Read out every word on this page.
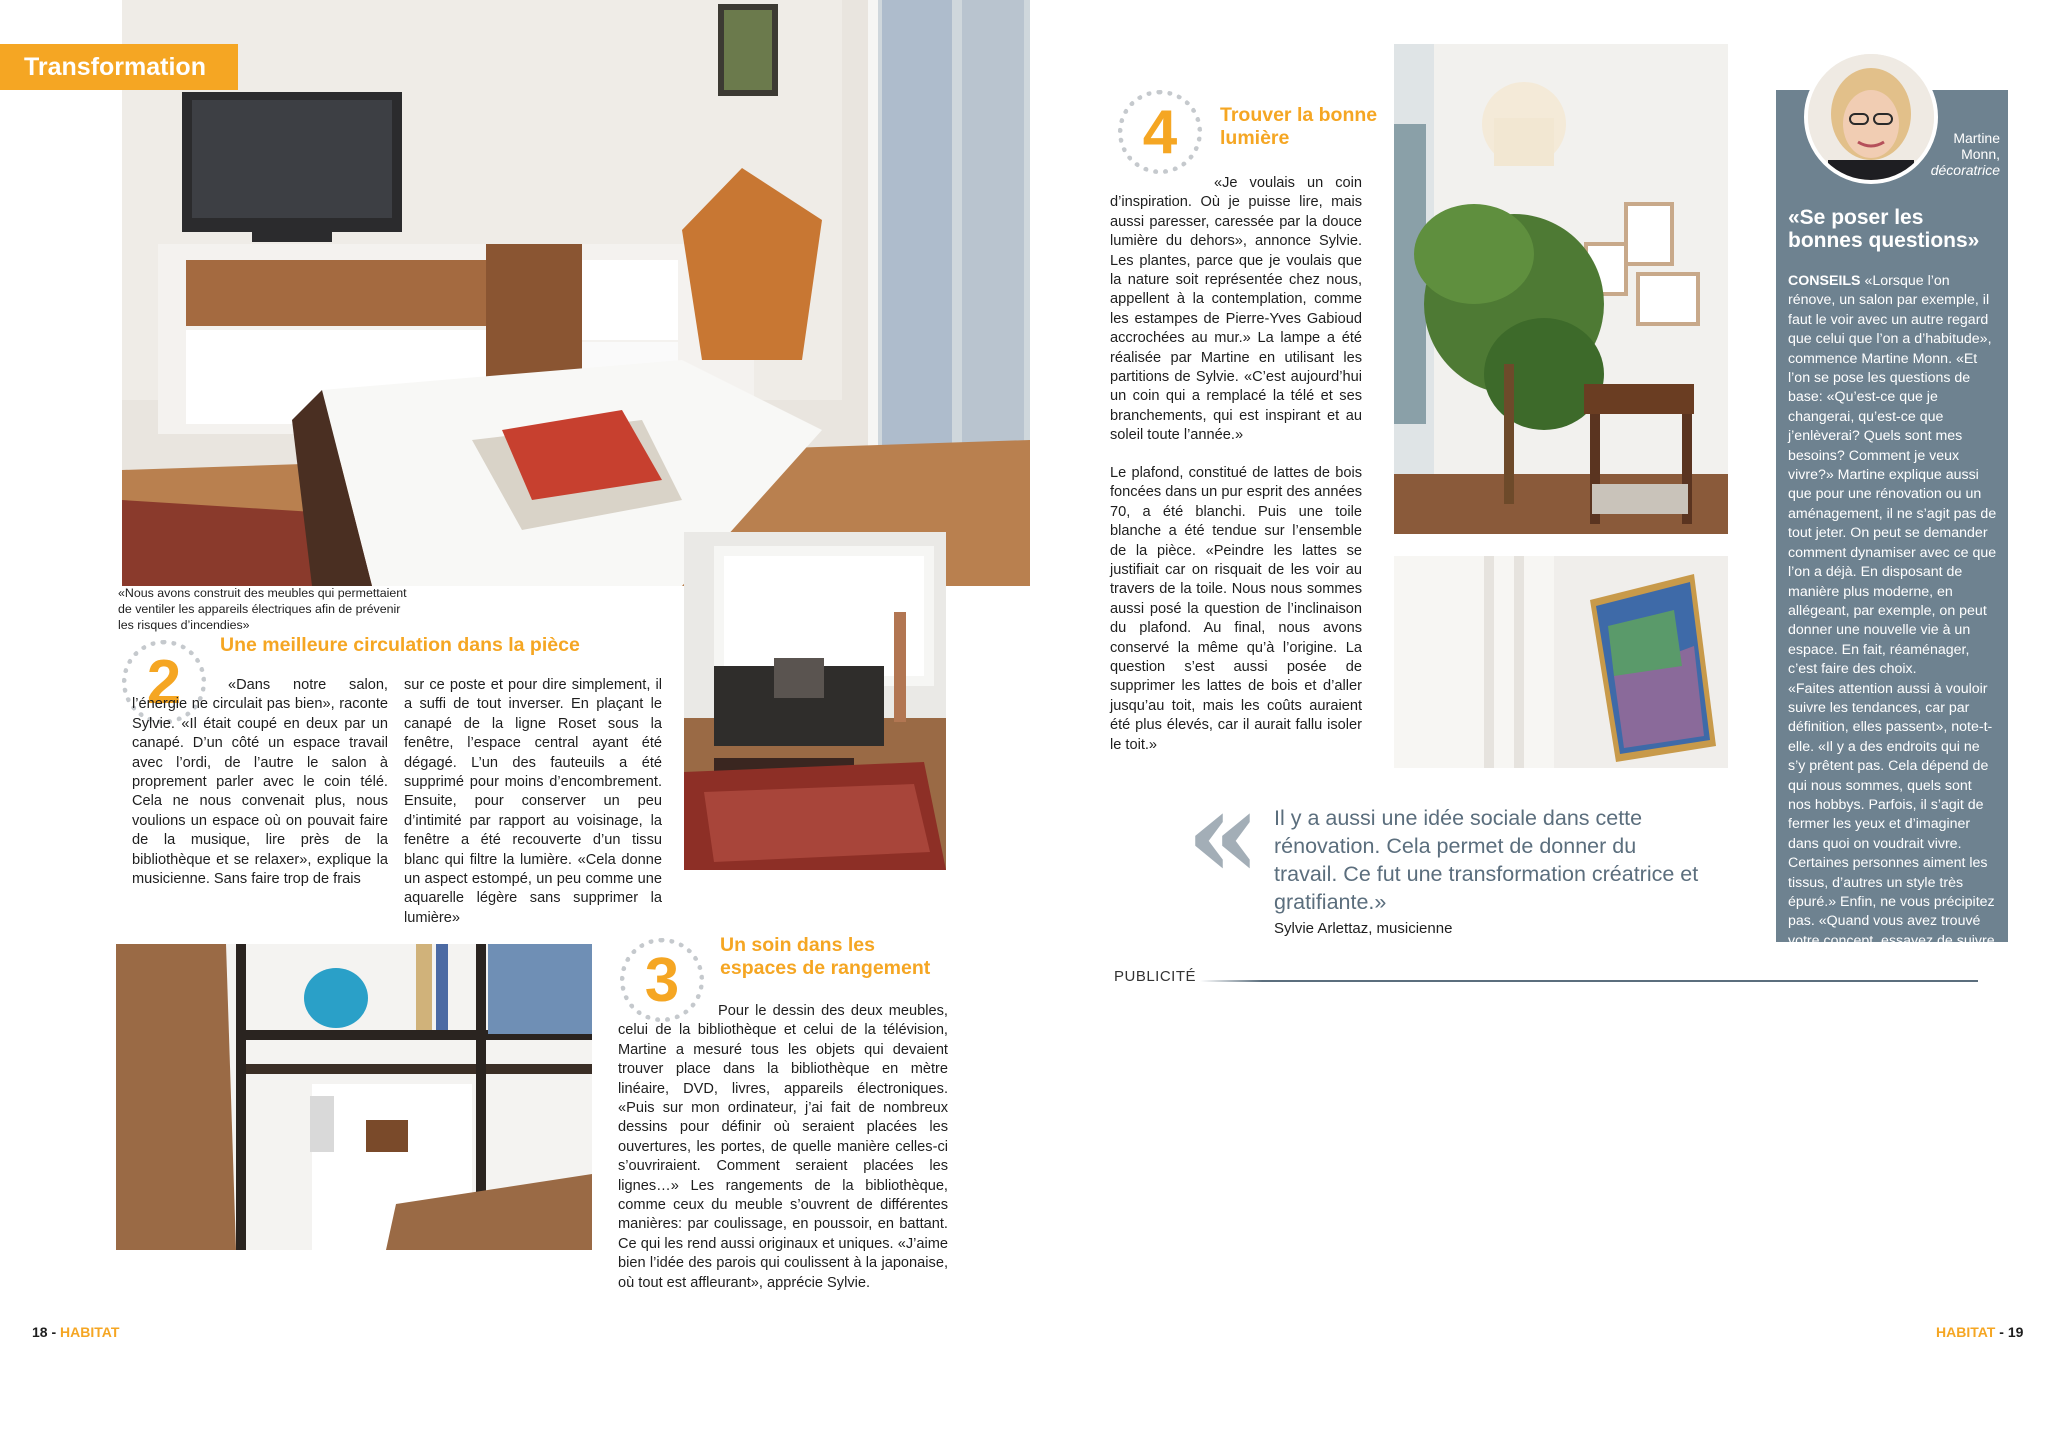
Transformation
«Nous avons construit des meubles qui permettaient de ventiler les appareils électriques afin de prévenir les risques d’incendies»
2
Une meilleure circulation dans la pièce
«Dans notre salon, l’énergie ne circulait pas bien», raconte Sylvie. «Il était coupé en deux par un canapé. D’un côté un espace travail avec l’ordi, de l’autre le salon à proprement parler avec le coin télé. Cela ne nous convenait plus, nous voulions un espace où on pouvait faire de la musique, lire près de la bibliothèque et se relaxer», explique la musicienne. Sans faire trop de frais
sur ce poste et pour dire simplement, il a suffi de tout inverser. En plaçant le canapé de la ligne Roset sous la fenêtre, l’espace central ayant été dégagé. L’un des fauteuils a été supprimé pour moins d’encombrement. Ensuite, pour conserver un peu d’intimité par rapport au voisinage, la fenêtre a été recouverte d’un tissu blanc qui filtre la lumière. «Cela donne un aspect estompé, un peu comme une aquarelle légère sans supprimer la lumière»
3
Un soin dans les espaces de rangement
Pour le dessin des deux meubles, celui de la bibliothèque et celui de la télévision, Martine a mesuré tous les objets qui devaient trouver place dans la bibliothèque en mètre linéaire, DVD, livres, appareils électroniques. «Puis sur mon ordinateur, j’ai fait de nombreux dessins pour définir où seraient placées les ouvertures, les portes, de quelle manière celles-ci s’ouvriraient. Comment seraient placées les lignes…» Les rangements de la bibliothèque, comme ceux du meuble s’ouvrent de différentes manières: par coulissage, en poussoir, en battant. Ce qui les rend aussi originaux et uniques. «J’aime bien l’idée des parois qui coulissent à la japonaise, où tout est affleurant», apprécie Sylvie.
18 - HABITAT
4	Trouver la bonne lumière
«Je voulais un coin d’inspiration. Où je puisse lire, mais aussi paresser, caressée par la douce lumière du dehors», annonce Sylvie. Les plantes, parce que je voulais que la nature soit représentée chez nous, appellent à la contemplation, comme les estampes de Pierre-Yves Gabioud accrochées au mur.» La lampe a été réalisée par Martine en utilisant les partitions de Sylvie. «C’est aujourd’hui un coin qui a remplacé la télé et ses branchements, qui est inspirant et au soleil toute l’année.»
Le plafond, constitué de lattes de bois foncées dans un pur esprit des années 70, a été blanchi. Puis une toile blanche a été tendue sur l’ensemble de la pièce. «Peindre les lattes se justifiait car on risquait de les voir au travers de la toile. Nous nous sommes aussi posé la question de l’inclinaison du plafond. Au final, nous avons conservé la même qu’à l’origine. La question s’est aussi posée de supprimer les lattes de bois et d’aller jusqu’au toit, mais les coûts auraient été plus élevés, car il aurait fallu isoler le toit.»
« Il y a aussi une idée sociale dans cette rénovation. Cela permet de donner du travail. Ce fut une transformation créatrice et gratifiante.»
Sylvie Arlettaz, musicienne
PUBLICITÉ
Martine
Monn,
décoratrice
«Se poser les bonnes questions»
CONSEILS «Lorsque l’on rénove, un salon par exemple, il faut le voir avec un autre regard que celui que l’on a d’habitude», commence Martine Monn. «Et l’on se pose les questions de base: «Qu’est-ce que je changerai, qu’est-ce que j’enlèverai? Quels sont mes besoins? Comment je veux vivre?» Martine explique aussi que pour une rénovation ou un aménagement, il ne s’agit pas de tout jeter. On peut se demander comment dynamiser avec ce que l’on a déjà. En disposant de manière plus moderne, en allégeant, par exemple, on peut donner une nouvelle vie à un espace. En fait, réaménager, c’est faire des choix.
«Faites attention aussi à vouloir suivre les tendances, car par définition, elles passent», note-t-elle. «Il y a des endroits qui ne s’y prêtent pas. Cela dépend de qui nous sommes, quels sont nos hobbys. Parfois, il s’agit de fermer les yeux et d’imaginer dans quoi on voudrait vivre. Certaines personnes aiment les tissus, d’autres un style très épuré.» Enfin, ne vous précipitez pas. «Quand vous avez trouvé votre concept, essayez de suivre votre fil rouge.»
HABITAT - 19
